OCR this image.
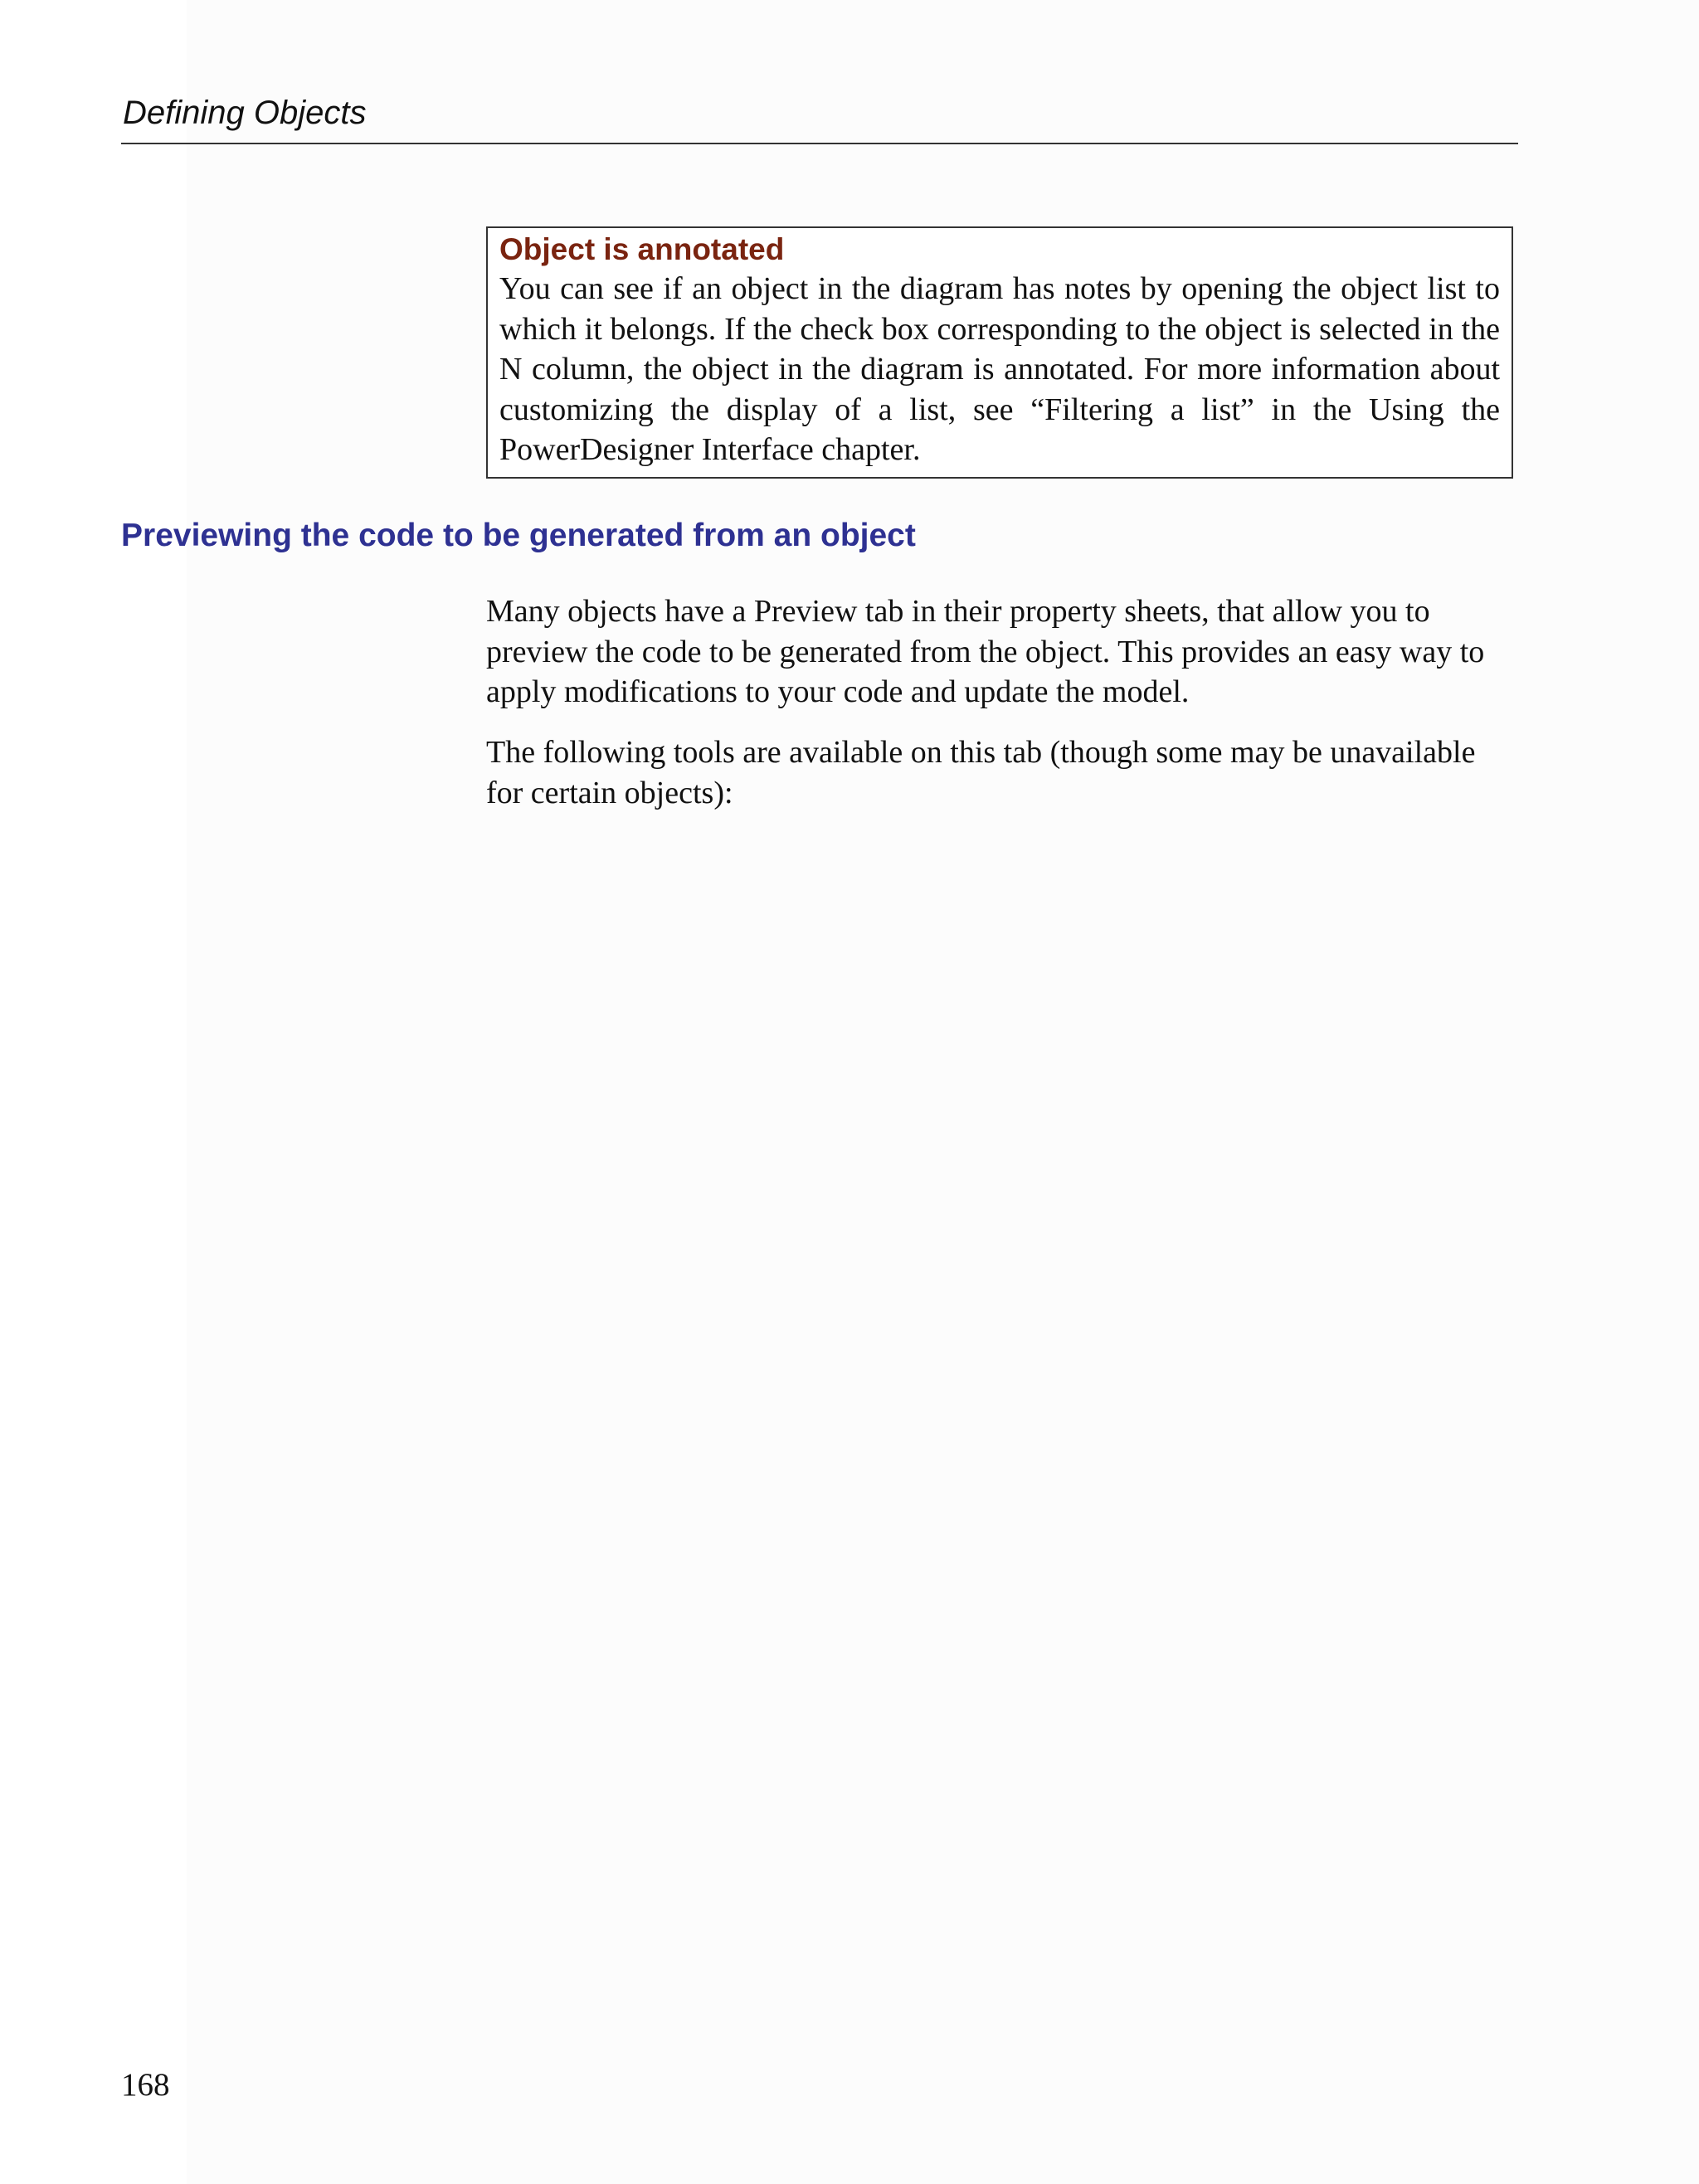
Defining Objects
Object is annotated
You can see if an object in the diagram has notes by opening the object list to which it belongs. If the check box corresponding to the object is selected in the N column, the object in the diagram is annotated. For more information about customizing the display of a list, see “Filtering a list” in the Using the PowerDesigner Interface chapter.
Previewing the code to be generated from an object

Many objects have a Preview tab in their property sheets, that allow you to preview the code to be generated from the object. This provides an easy way to apply modifications to your code and update the model.

The following tools are available on this tab (though some may be unavailable for certain objects):

168
